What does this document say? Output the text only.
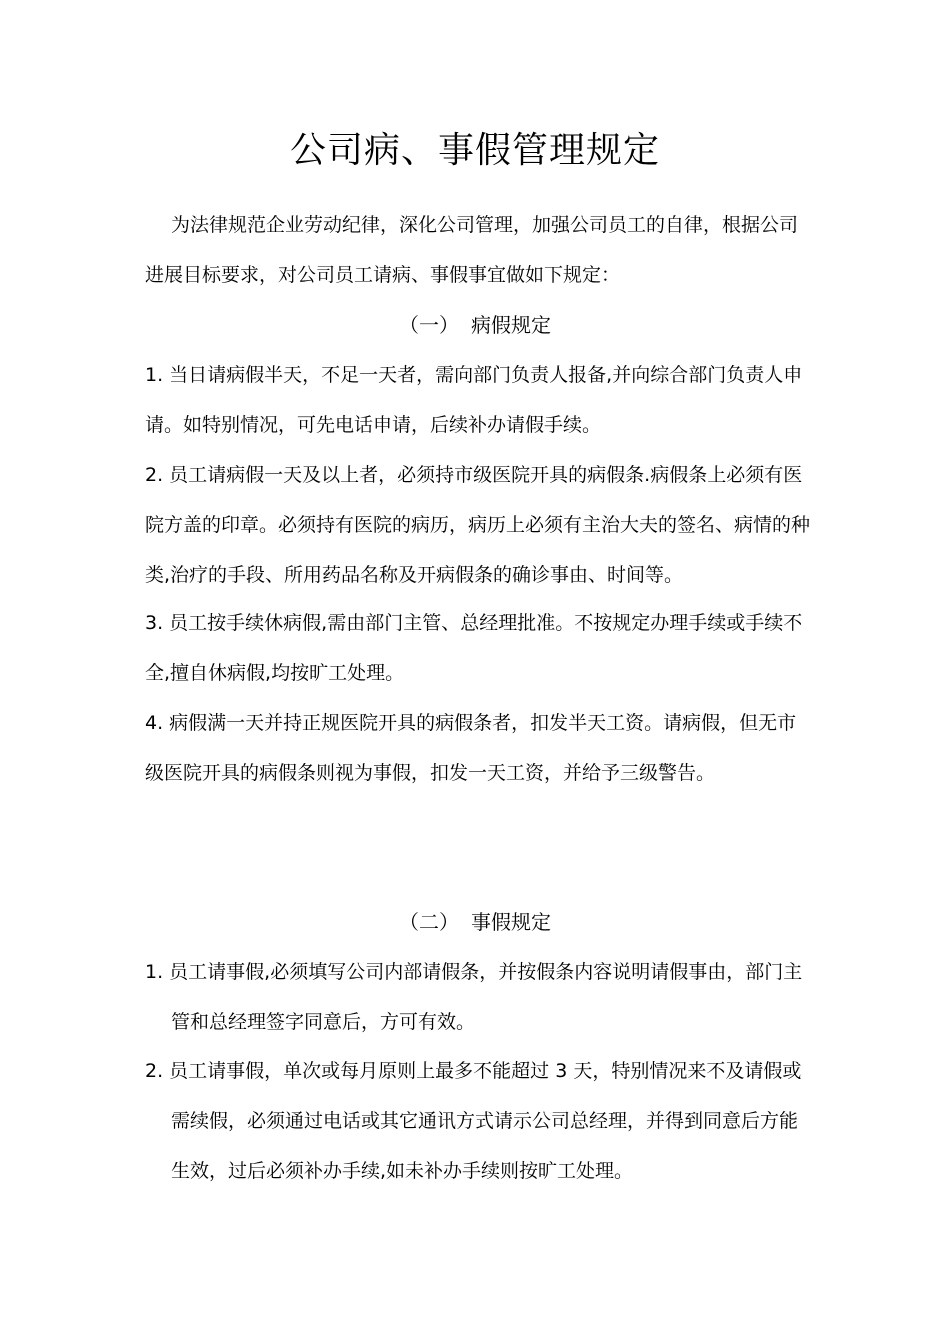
公司病、事假管理规定

为法律规范企业劳动纪律，深化公司管理，加强公司员工的自律，根据公司进展目标要求，对公司员工请病、事假事宜做如下规定：

（一） 病假规定

1. 当日请病假半天，不足一天者，需向部门负责人报备,并向综合部门负责人申请。如特别情况，可先电话申请，后续补办请假手续。

2. 员工请病假一天及以上者，必须持市级医院开具的病假条.病假条上必须有医院方盖的印章。必须持有医院的病历，病历上必须有主治大夫的签名、病情的种类,治疗的手段、所用药品名称及开病假条的确诊事由、时间等。

3. 员工按手续休病假,需由部门主管、总经理批准。不按规定办理手续或手续不全,擅自休病假,均按旷工处理。

4. 病假满一天并持正规医院开具的病假条者，扣发半天工资。请病假，但无市级医院开具的病假条则视为事假，扣发一天工资，并给予三级警告。

（二） 事假规定

1. 员工请事假,必须填写公司内部请假条，并按假条内容说明请假事由，部门主管和总经理签字同意后，方可有效。

2. 员工请事假，单次或每月原则上最多不能超过 3 天，特别情况来不及请假或需续假，必须通过电话或其它通讯方式请示公司总经理，并得到同意后方能生效，过后必须补办手续,如未补办手续则按旷工处理。
